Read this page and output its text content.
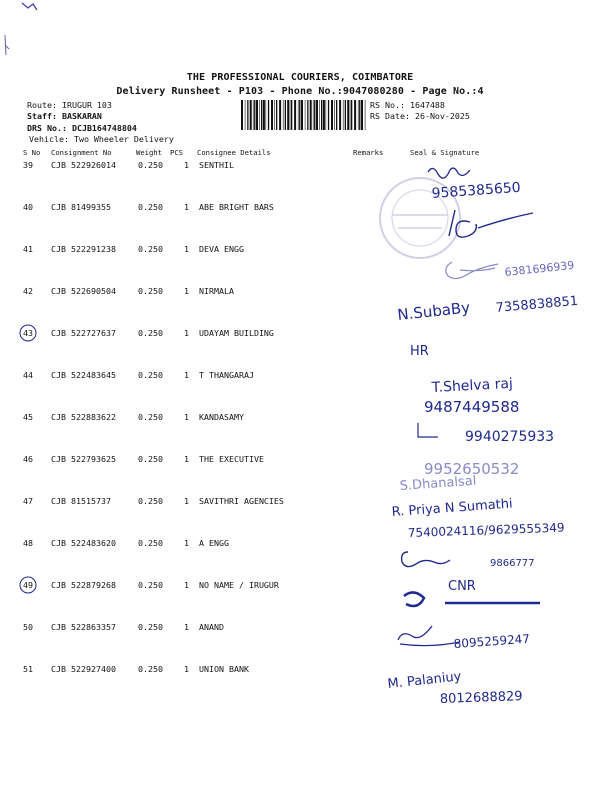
THE PROFESSIONAL COURIERS, COIMBATORE
Delivery Runsheet - P103 - Phone No.:9047080280 - Page No.:4
Route: IRUGUR 103
Staff: BASKARAN
DRS No.: DCJB164748804
Vehicle: Two Wheeler Delivery
RS No.: 1647488
RS Date: 26-Nov-2025
S No Consignment No	Weight PCS Consignee Details	Remarks	Seal & Signature
39 CJB 522926014	0.250	1 SENTHIL
40 CJB 81499355	0.250	1 ABE BRIGHT BARS
41 CJB 522291238	0.250	1 DEVA ENGG
42 CJB 522690504	0.250	1 NIRMALA
43 CJB 522727637	0.250	1 UDAYAM BUILDING
44 CJB 522483645	0.250	1 T THANGARAJ
45 CJB 522883622	0.250	1 KANDASAMY
46 CJB 522793625	0.250	1 THE EXECUTIVE
47 CJB 81515737	0.250	1 SAVITHRI AGENCIES
48 CJB 522483620	0.250	1 A ENGG
49 CJB 522879268	0.250	1 NO NAME / IRUGUR
50 CJB 522863357	0.250	1 ANAND
51 CJB 522927400	0.250	1 UNION BANK
9585385650
6381696939
N.SubaBy 7358838851
HR
T.Shelva raj
9487449588
9940275933
9952650532
S.Dhanalsal
R. Priya N Sumathi
7540024116/9629555349
9866777
CNR
8095259247
M. Palaniuy
8012688829
